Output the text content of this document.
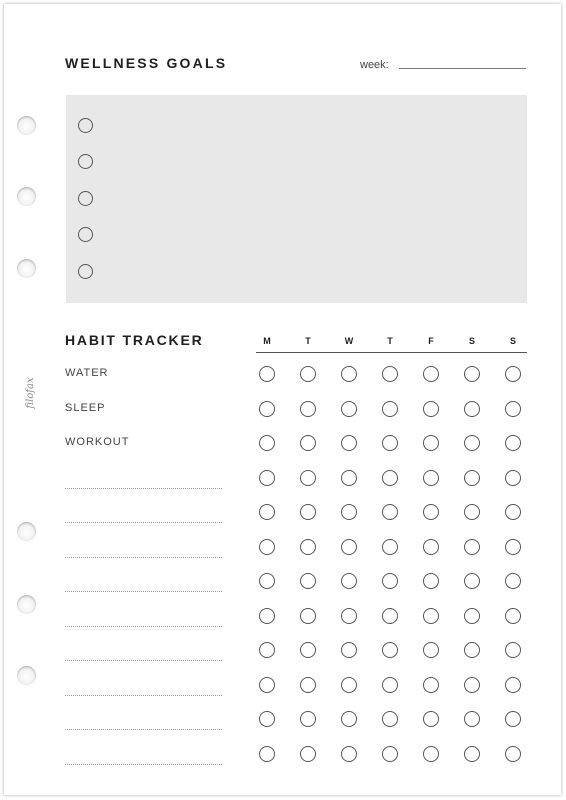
filofax
WELLNESS GOALS	week:
HABIT TRACKER	M	T	W	T	F	S	S
WATER
SLEEP
WORKOUT
